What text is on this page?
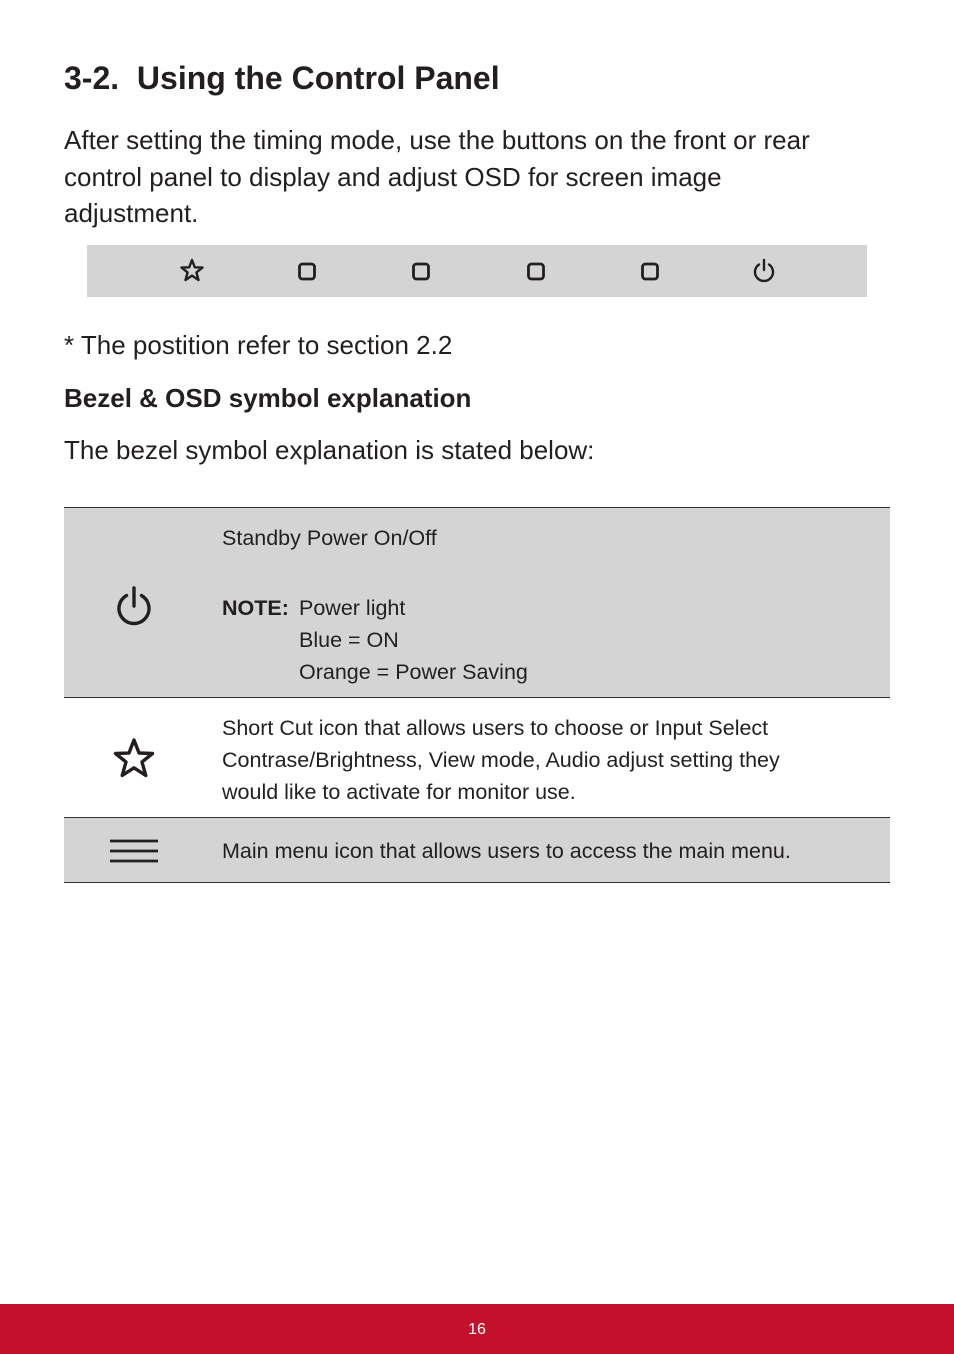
3-2.  Using the Control Panel

After setting the timing mode, use the buttons on the front or rear control panel to display and adjust OSD for screen image adjustment.

* The postition refer to section 2.2

Bezel & OSD symbol explanation

The bezel symbol explanation is stated below:

Standby Power On/Off
NOTE: Power light
Blue = ON
Orange = Power Saving
Short Cut icon that allows users to choose or Input Select
Contrase/Brightness, View mode, Audio adjust setting they
would like to activate for monitor use.
Main menu icon that allows users to access the main menu.
16
